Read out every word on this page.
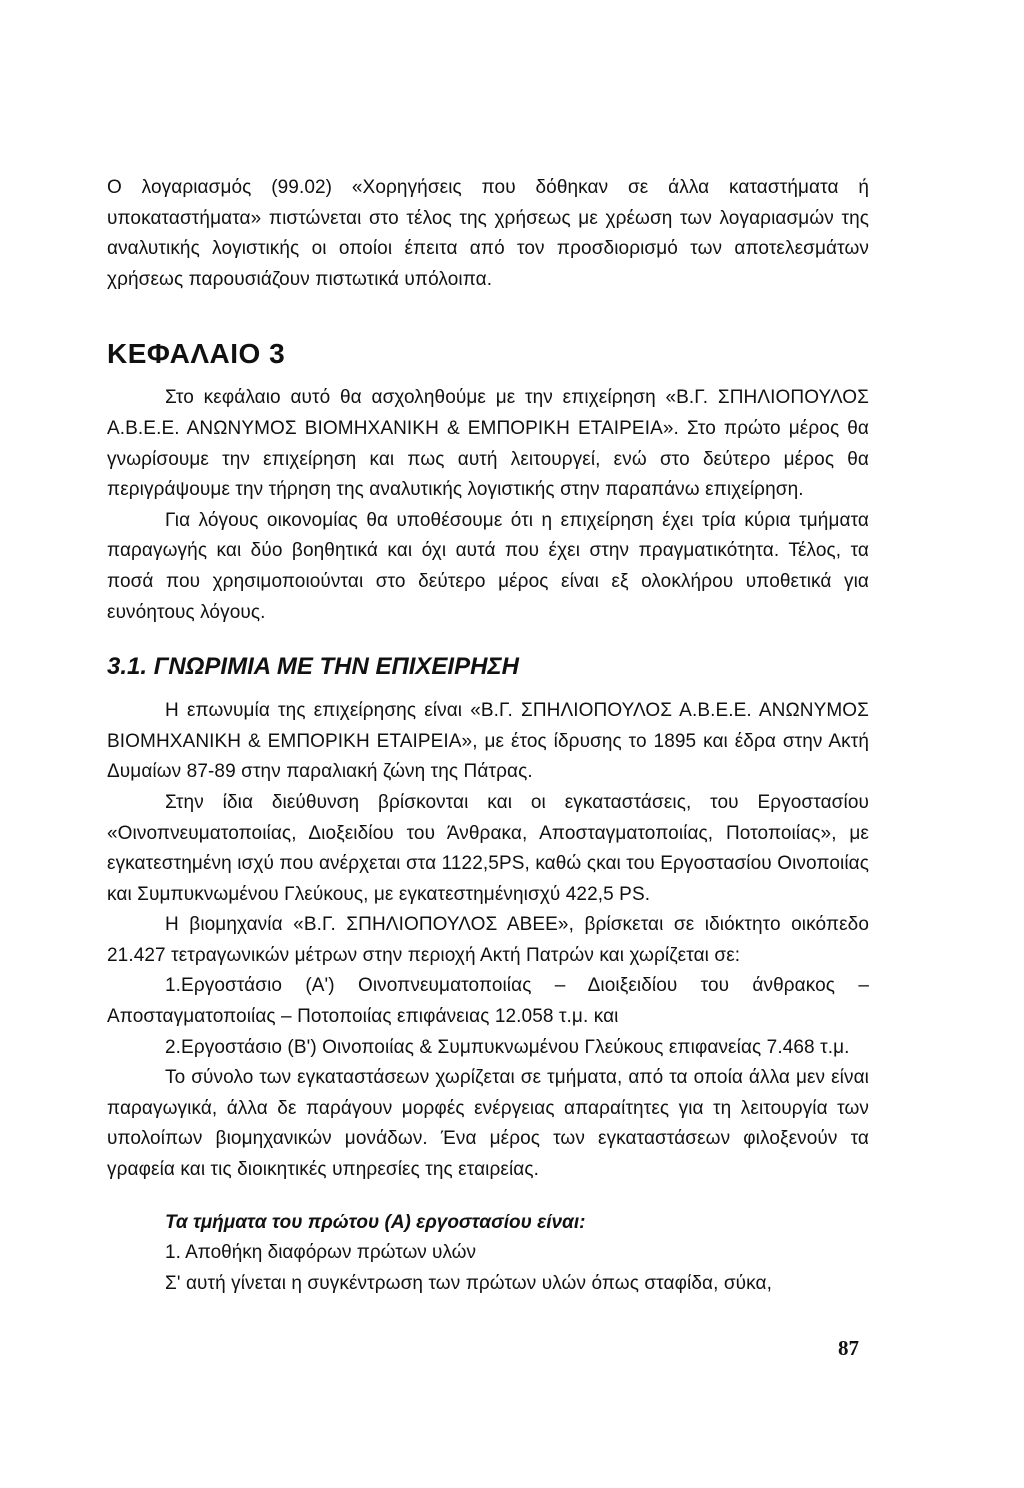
Ο λογαριασμός (99.02) «Χορηγήσεις που δόθηκαν σε άλλα καταστήματα ή υποκαταστήματα» πιστώνεται στο τέλος της χρήσεως με χρέωση των λογαριασμών της αναλυτικής λογιστικής οι οποίοι έπειτα από τον προσδιορισμό των αποτελεσμάτων χρήσεως παρουσιάζουν πιστωτικά υπόλοιπα.

ΚΕΦΑΛΑΙΟ 3

Στο κεφάλαιο αυτό θα ασχοληθούμε με την επιχείρηση «Β.Γ. ΣΠΗΛΙΟΠΟΥΛΟΣ Α.Β.Ε.Ε. ΑΝΩΝΥΜΟΣ ΒΙΟΜΗΧΑΝΙΚΗ & ΕΜΠΟΡΙΚΗ ΕΤΑΙΡΕΙΑ». Στο πρώτο μέρος θα γνωρίσουμε την επιχείρηση και πως αυτή λειτουργεί, ενώ στο δεύτερο μέρος θα περιγράψουμε την τήρηση της αναλυτικής λογιστικής στην παραπάνω επιχείρηση.

Για λόγους οικονομίας θα υποθέσουμε ότι η επιχείρηση έχει τρία κύρια τμήματα παραγωγής και δύο βοηθητικά και όχι αυτά που έχει στην πραγματικότητα. Τέλος, τα ποσά που χρησιμοποιούνται στο δεύτερο μέρος είναι εξ ολοκλήρου υποθετικά για ευνόητους λόγους.

3.1. ΓΝΩΡΙΜΙΑ ΜΕ ΤΗΝ ΕΠΙΧΕΙΡΗΣΗ

Η επωνυμία της επιχείρησης είναι «Β.Γ. ΣΠΗΛΙΟΠΟΥΛΟΣ Α.Β.Ε.Ε. ΑΝΩΝΥΜΟΣ ΒΙΟΜΗΧΑΝΙΚΗ & ΕΜΠΟΡΙΚΗ ΕΤΑΙΡΕΙΑ», με έτος ίδρυσης το 1895 και έδρα στην Ακτή Δυμαίων 87-89 στην παραλιακή ζώνη της Πάτρας.

Στην ίδια διεύθυνση βρίσκονται και οι εγκαταστάσεις, του Εργοστασίου «Οινοπνευματοποιίας, Διοξειδίου του Άνθρακα, Αποσταγματοποιίας, Ποτοποιίας», με εγκατεστημένη ισχύ που ανέρχεται στα 1122,5PS, καθώ ςκαι του Εργοστασίου Οινοποιίας και Συμπυκνωμένου Γλεύκους, με εγκατεστημένηισχύ 422,5 PS.

Η βιομηχανία «Β.Γ. ΣΠΗΛΙΟΠΟΥΛΟΣ ΑΒΕΕ», βρίσκεται σε ιδιόκτητο οικόπεδο 21.427 τετραγωνικών μέτρων στην περιοχή Ακτή Πατρών και χωρίζεται σε:

1.Εργοστάσιο (Α') Οινοπνευματοποιίας – Διοιξειδίου του άνθρακος – Αποσταγματοποιίας – Ποτοποιίας επιφάνειας 12.058 τ.μ. και

2.Εργοστάσιο (Β') Οινοποιίας & Συμπυκνωμένου Γλεύκους επιφανείας 7.468 τ.μ.

Το σύνολο των εγκαταστάσεων χωρίζεται σε τμήματα, από τα οποία άλλα μεν είναι παραγωγικά, άλλα δε παράγουν μορφές ενέργειας απαραίτητες για τη λειτουργία των υπολοίπων βιομηχανικών μονάδων. Ένα μέρος των εγκαταστάσεων φιλοξενούν τα γραφεία και τις διοικητικές υπηρεσίες της εταιρείας.

Τα τμήματα του πρώτου (Α) εργοστασίου είναι:
1. Αποθήκη διαφόρων πρώτων υλών

Σ' αυτή γίνεται η συγκέντρωση των πρώτων υλών όπως σταφίδα, σύκα,

87
